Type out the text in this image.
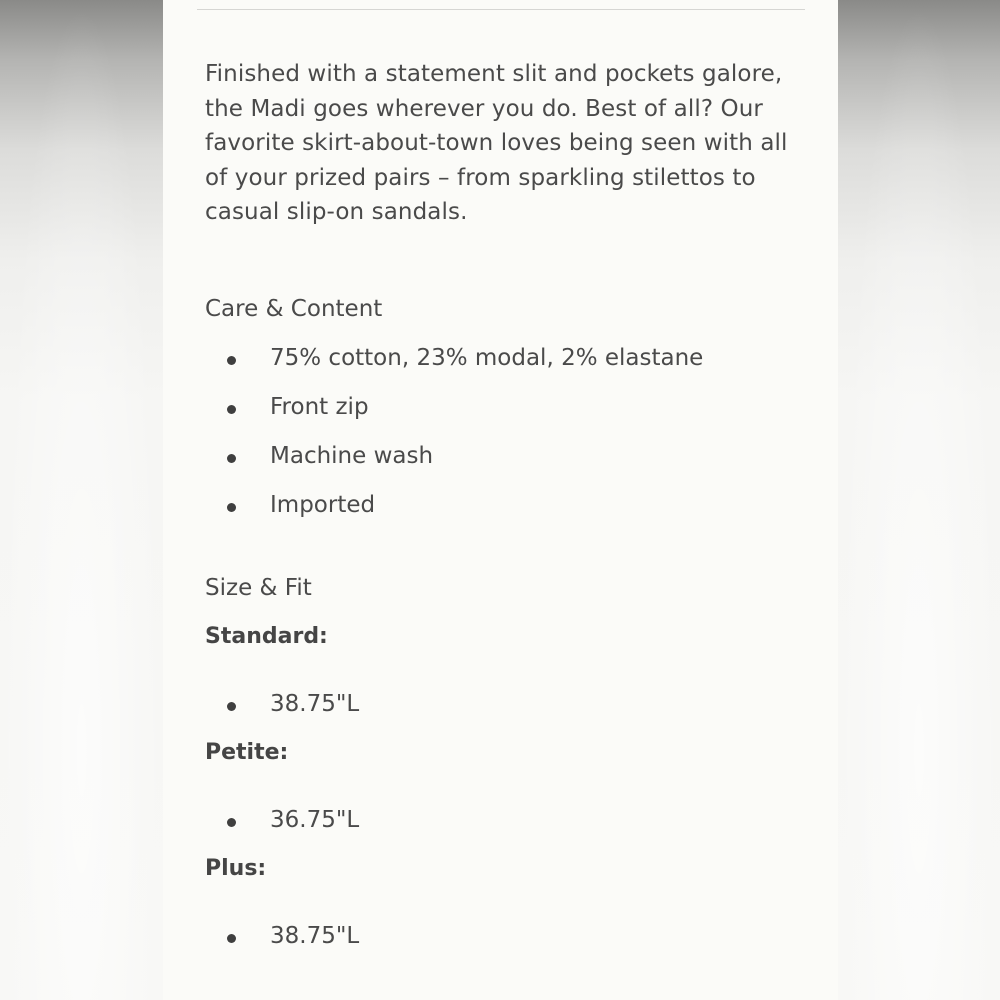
Finished with a statement slit and pockets galore, the Madi goes wherever you do. Best of all? Our favorite skirt-about-town loves being seen with all of your prized pairs – from sparkling stilettos to casual slip-on sandals.

Care & Content
75% cotton, 23% modal, 2% elastane
Front zip
Machine wash
Imported
Size & Fit

Standard:

38.75"L

Petite:

36.75"L

Plus:

38.75"L
